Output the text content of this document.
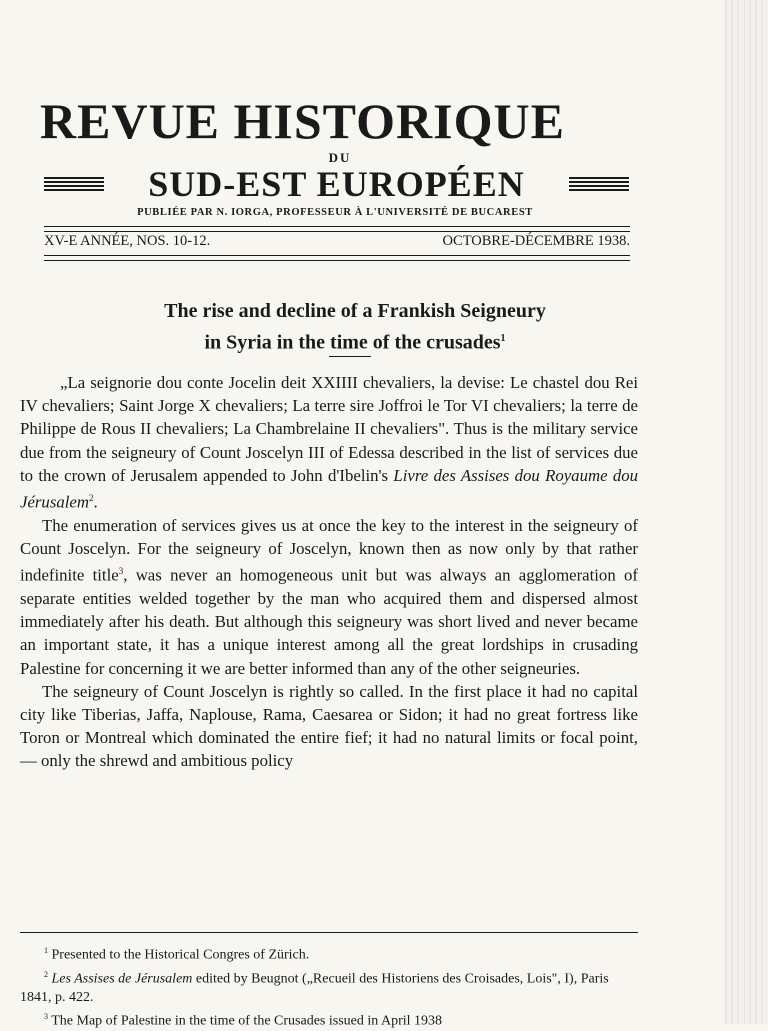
REVUE HISTORIQUE
DU
SUD-EST EUROPÉEN
PUBLIÉE PAR N. IORGA, PROFESSEUR À L'UNIVERSITÉ DE BUCAREST
XV-E ANNÉE, NOS. 10-12.	OCTOBRE-DÉCEMBRE 1938.
The rise and decline of a Frankish Seigneury
in Syria in the time of the crusades$^1$

„La seignorie dou conte Jocelin deit XXIIII chevaliers, la devise: Le chastel dou Rei IV chevaliers; Saint Jorge X chevaliers; La terre sire Joffroi le Tor VI chevaliers; la terre de Philippe de Rous II chevaliers; La Chambrelaine II chevaliers". Thus is the military service due from the seigneury of Count Joscelyn III of Edessa described in the list of services due to the crown of Jerusalem appended to John d'Ibelin's Livre des Assises dou Royaume dou Jérusalem$^2$.

The enumeration of services gives us at once the key to the interest in the seigneury of Count Joscelyn. For the seigneury of Joscelyn, known then as now only by that rather indefinite title$^3$, was never an homogeneous unit but was always an agglomeration of separate entities welded together by the man who acquired them and dispersed almost immediately after his death. But although this seigneury was short lived and never became an important state, it has a unique interest among all the great lordships in crusading Palestine for concerning it we are better informed than any of the other seigneuries.

The seigneury of Count Joscelyn is rightly so called. In the first place it had no capital city like Tiberias, Jaffa, Naplouse, Rama, Caesarea or Sidon; it had no great fortress like Toron or Montreal which dominated the entire fief; it had no natural limits or focal point, — only the shrewd and ambitious policy

$^1$ Presented to the Historical Congres of Zürich.
$^2$ Les Assises de Jérusalem edited by Beugnot („Recueil des Historiens des Croisades, Lois", I), Paris 1841, p. 422.
$^3$ The Map of Palestine in the time of the Crusades issued in April 1938
